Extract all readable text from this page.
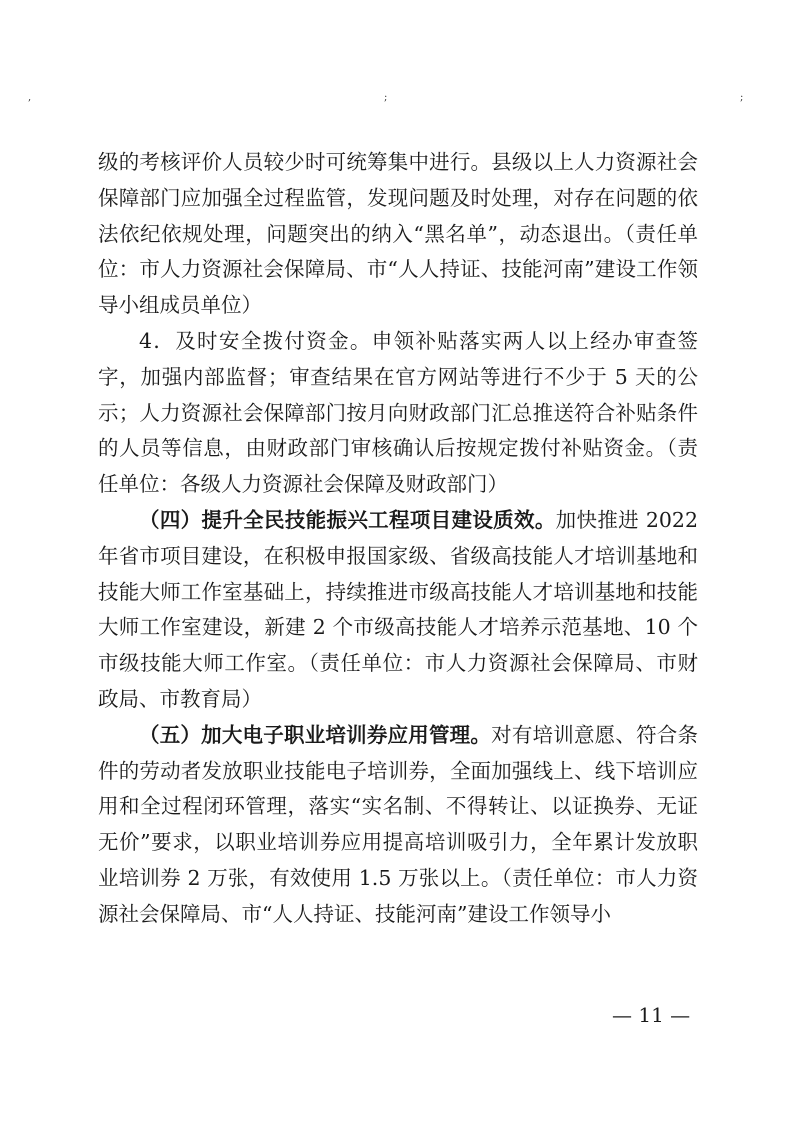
,	;	;

级的考核评价人员较少时可统筹集中进行。县级以上人力资源社会保障部门应加强全过程监管，发现问题及时处理，对存在问题的依法依纪依规处理，问题突出的纳入“黑名单”，动态退出。（责任单位：市人力资源社会保障局、市“人人持证、技能河南”建设工作领导小组成员单位）

4．及时安全拨付资金。申领补贴落实两人以上经办审查签字，加强内部监督；审查结果在官方网站等进行不少于 5 天的公示；人力资源社会保障部门按月向财政部门汇总推送符合补贴条件的人员等信息，由财政部门审核确认后按规定拨付补贴资金。（责任单位：各级人力资源社会保障及财政部门）

（四）提升全民技能振兴工程项目建设质效。加快推进 2022 年省市项目建设，在积极申报国家级、省级高技能人才培训基地和技能大师工作室基础上，持续推进市级高技能人才培训基地和技能大师工作室建设，新建 2 个市级高技能人才培养示范基地、10 个市级技能大师工作室。（责任单位：市人力资源社会保障局、市财政局、市教育局）

（五）加大电子职业培训券应用管理。对有培训意愿、符合条件的劳动者发放职业技能电子培训券，全面加强线上、线下培训应用和全过程闭环管理，落实“实名制、不得转让、以证换券、无证无价”要求，以职业培训券应用提高培训吸引力，全年累计发放职业培训券 2 万张，有效使用 1.5 万张以上。（责任单位：市人力资源社会保障局、市“人人持证、技能河南”建设工作领导小

— 11 —
